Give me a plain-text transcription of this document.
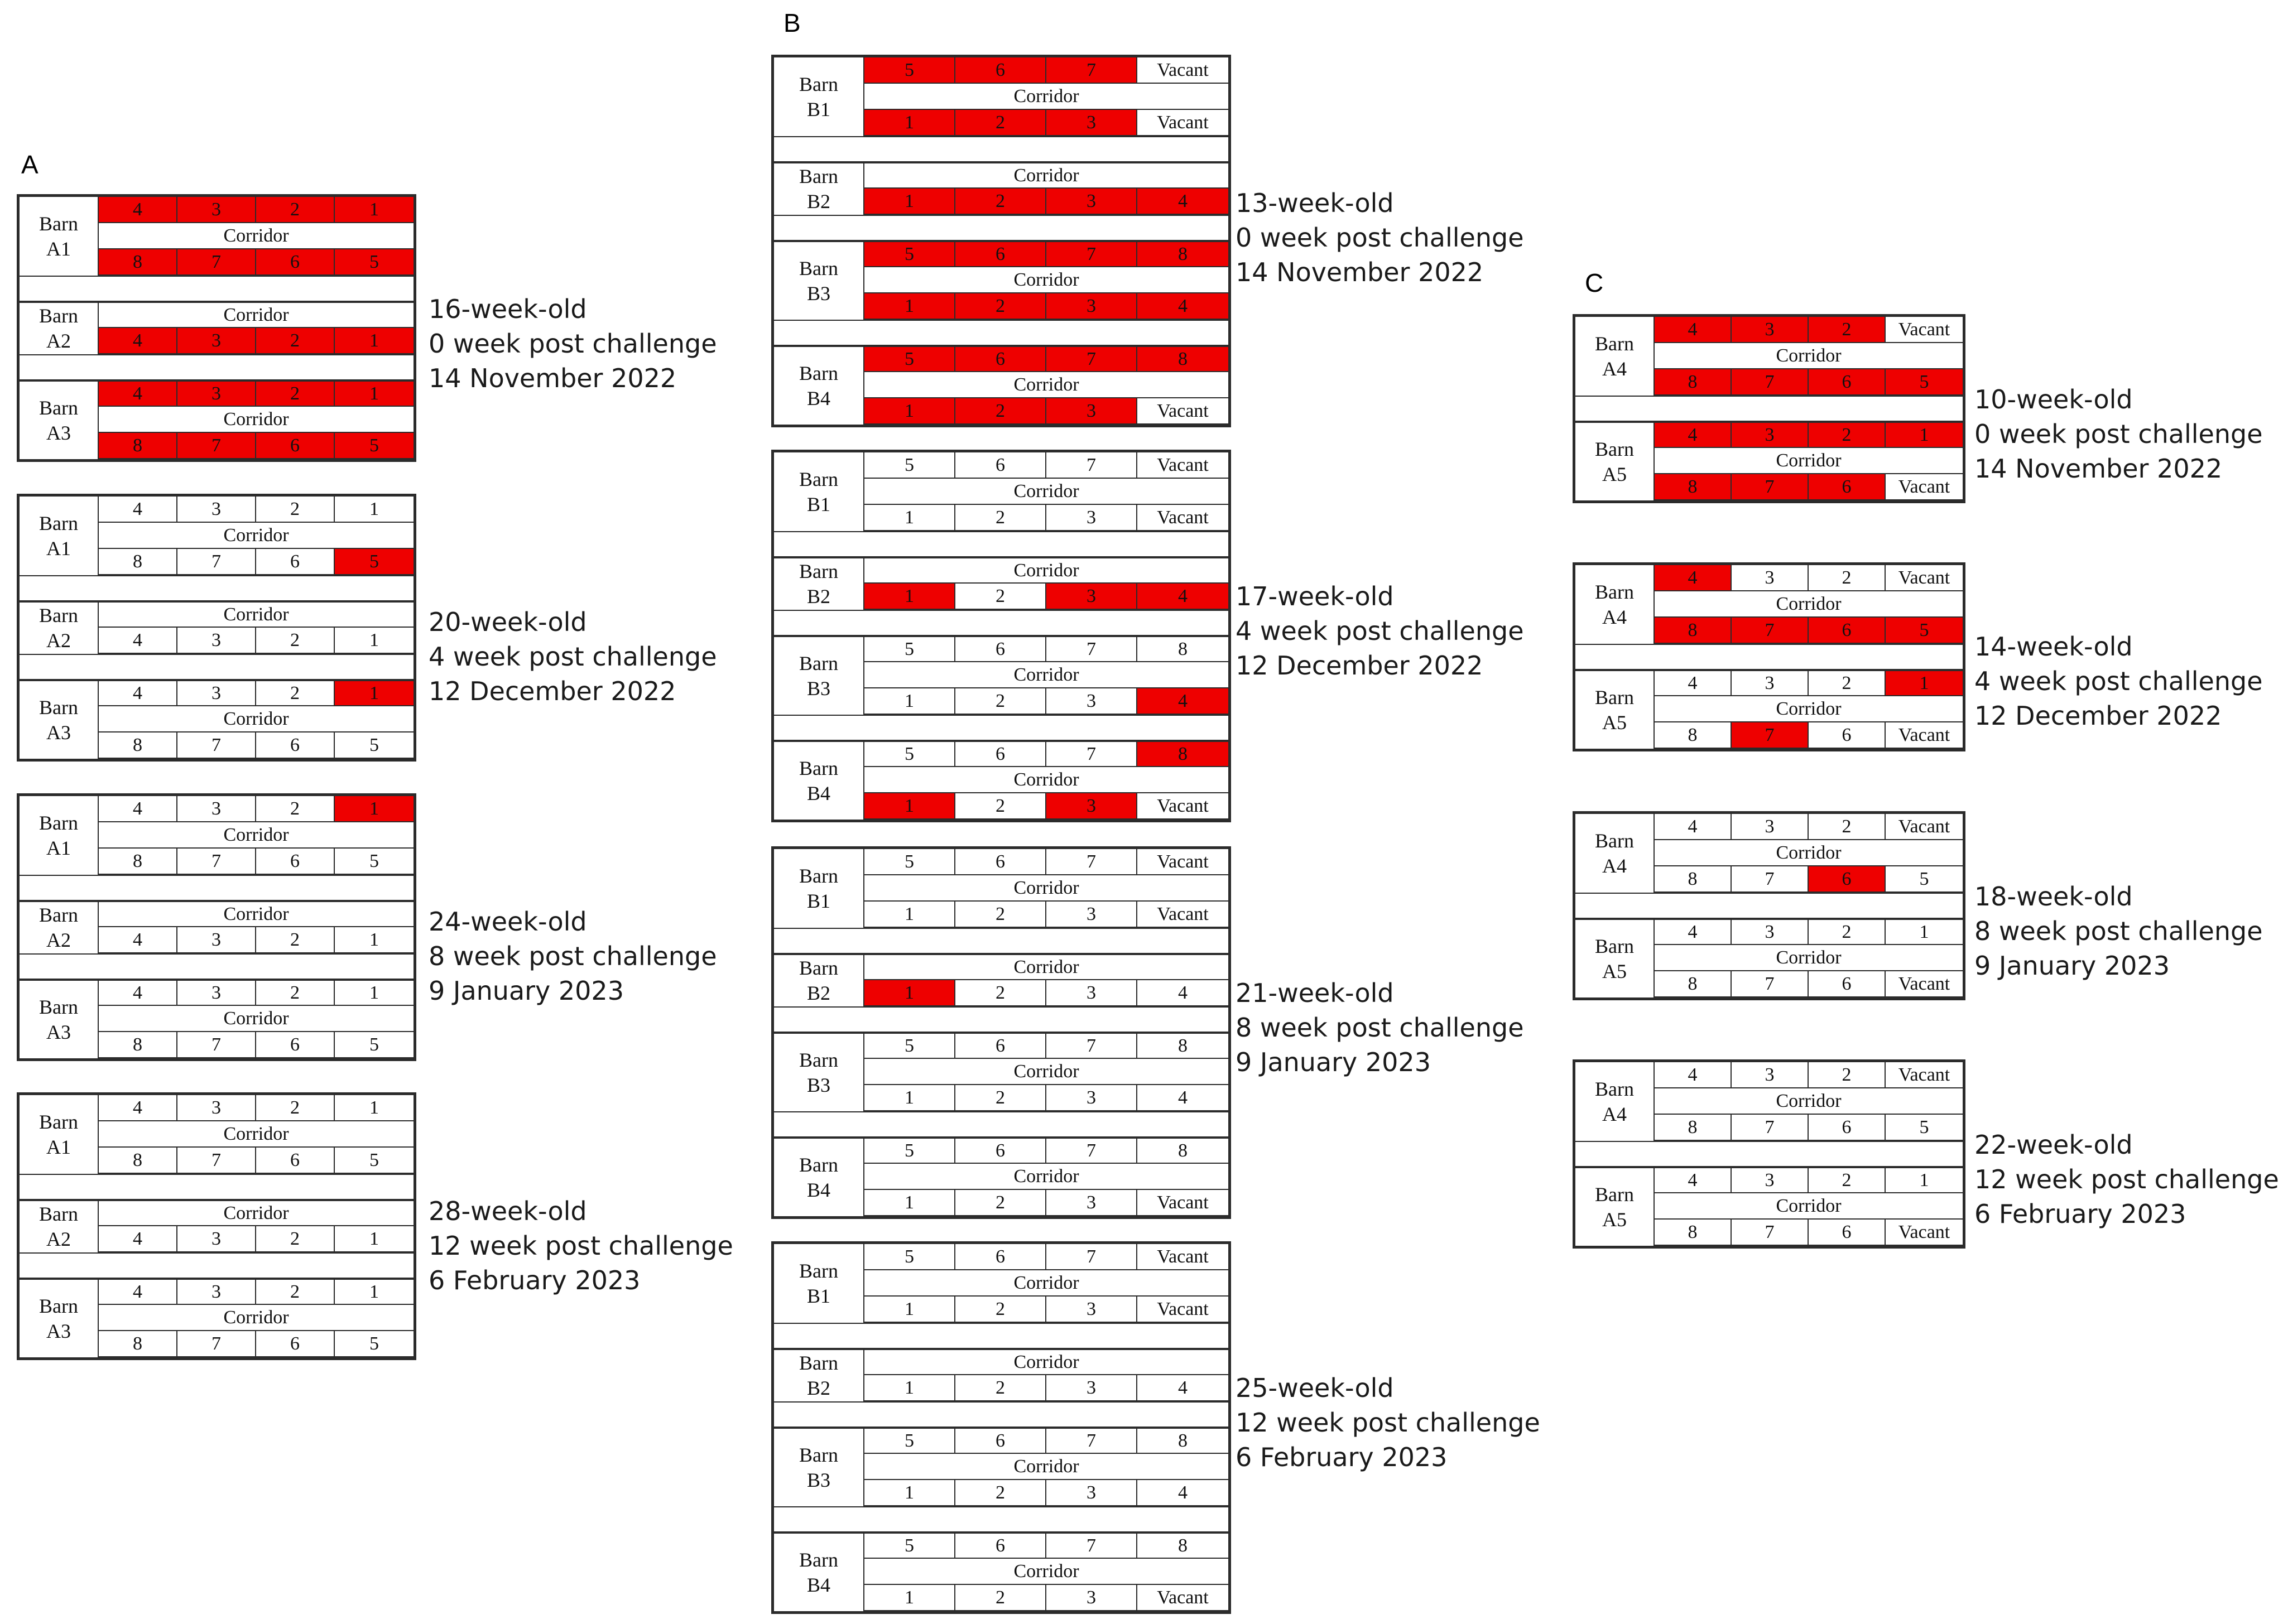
A
Barn
A1
4	3	2	1
Corridor
8	7	6	5
Barn
A2
Corridor
4	3	2	1
Barn
A3
4	3	2	1
Corridor
8	7	6	5
16-week-old
0 week post challenge
14 November 2022
Barn
A1
4	3	2	1
Corridor
8	7	6	5
Barn
A2
Corridor
4	3	2	1
Barn
A3
4	3	2	1
Corridor
8	7	6	5
20-week-old
4 week post challenge
12 December 2022
Barn
A1
4	3	2	1
Corridor
8	7	6	5
Barn
A2
Corridor
4	3	2	1
Barn
A3
4	3	2	1
Corridor
8	7	6	5
24-week-old
8 week post challenge
9 January 2023
Barn
A1
4	3	2	1
Corridor
8	7	6	5
Barn
A2
Corridor
4	3	2	1
Barn
A3
4	3	2	1
Corridor
8	7	6	5
28-week-old
12 week post challenge
6 February 2023
B
Barn
B1
5	6	7	Vacant
Corridor
1	2	3	Vacant
Barn
B2
Corridor
1	2	3	4
Barn
B3
5	6	7	8
Corridor
1	2	3	4
Barn
B4
5	6	7	8
Corridor
1	2	3	Vacant
13-week-old
0 week post challenge
14 November 2022
Barn
B1
5	6	7	Vacant
Corridor
1	2	3	Vacant
Barn
B2
Corridor
1	2	3	4
Barn
B3
5	6	7	8
Corridor
1	2	3	4
Barn
B4
5	6	7	8
Corridor
1	2	3	Vacant
17-week-old
4 week post challenge
12 December 2022
Barn
B1
5	6	7	Vacant
Corridor
1	2	3	Vacant
Barn
B2
Corridor
1	2	3	4
Barn
B3
5	6	7	8
Corridor
1	2	3	4
Barn
B4
5	6	7	8
Corridor
1	2	3	Vacant
21-week-old
8 week post challenge
9 January 2023
Barn
B1
5	6	7	Vacant
Corridor
1	2	3	Vacant
Barn
B2
Corridor
1	2	3	4
Barn
B3
5	6	7	8
Corridor
1	2	3	4
Barn
B4
5	6	7	8
Corridor
1	2	3	Vacant
25-week-old
12 week post challenge
6 February 2023
C
Barn
A4
4	3	2	Vacant
Corridor
8	7	6	5
Barn
A5
4	3	2	1
Corridor
8	7	6	Vacant
10-week-old
0 week post challenge
14 November 2022
Barn
A4
4	3	2	Vacant
Corridor
8	7	6	5
Barn
A5
4	3	2	1
Corridor
8	7	6	Vacant
14-week-old
4 week post challenge
12 December 2022
Barn
A4
4	3	2	Vacant
Corridor
8	7	6	5
Barn
A5
4	3	2	1
Corridor
8	7	6	Vacant
18-week-old
8 week post challenge
9 January 2023
Barn
A4
4	3	2	Vacant
Corridor
8	7	6	5
Barn
A5
4	3	2	1
Corridor
8	7	6	Vacant
22-week-old
12 week post challenge
6 February 2023
